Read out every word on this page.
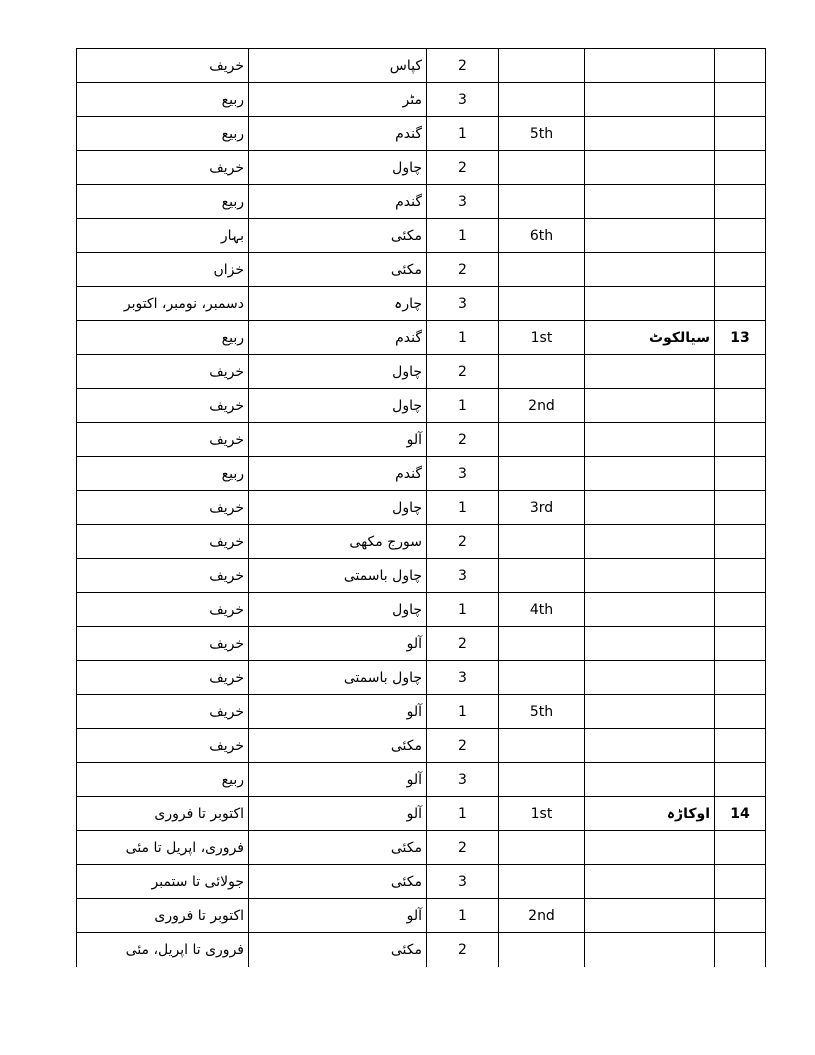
خریف	کپاس	2			
ربیع	مٹر	3			
ربیع	گندم	1	5th		
خریف	چاول	2			
ربیع	گندم	3			
بہار	مکئی	1	6th		
خزاں	مکئی	2			
دسمبر، نومبر، اکتوبر	چارہ	3			
ربیع	گندم	1	1st	سیالکوٹ	13
خریف	چاول	2			
خریف	چاول	1	2nd		
خریف	آلو	2			
ربیع	گندم	3			
خریف	چاول	1	3rd		
خریف	سورج مکھی	2			
خریف	چاول باسمتی	3			
خریف	چاول	1	4th		
خریف	آلو	2			
خریف	چاول باسمتی	3			
خریف	آلو	1	5th		
خریف	مکئی	2			
ربیع	آلو	3			
اکتوبر تا فروری	آلو	1	1st	اوکاڑہ	14
فروری، اپریل تا مئی	مکئی	2			
جولائی تا ستمبر	مکئی	3			
اکتوبر تا فروری	آلو	1	2nd		
فروری تا اپریل، مئی	مکئی	2			
